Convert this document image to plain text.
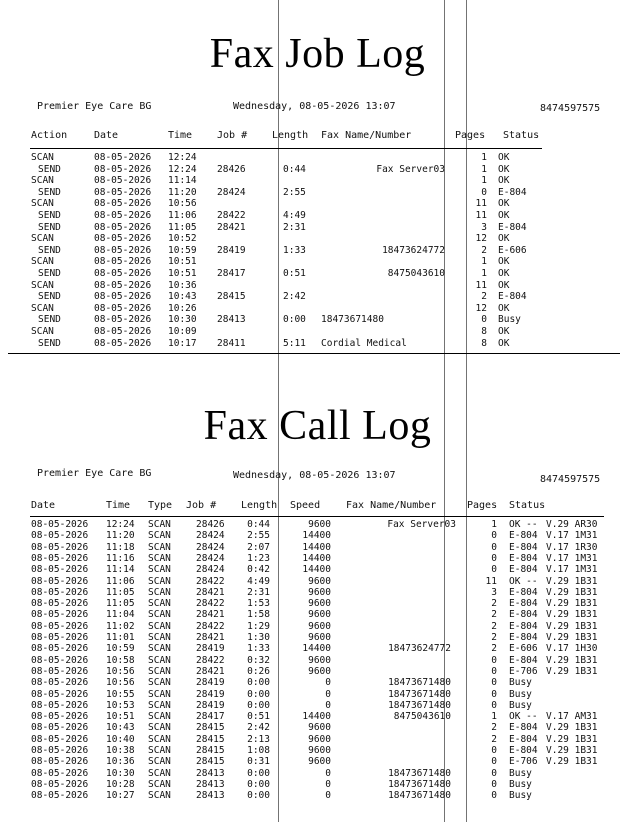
Fax Job Log
Premier Eye Care BG	Wednesday, 08-05-2026 13:07	8474597575
Action	Date	Time Job # Length Fax Name/Number	Pages Status
SCAN	08-05-2026 12:24	1 OK
SEND	08-05-2026 12:24 28426	0:44	Fax Server03	1 OK
SCAN	08-05-2026 11:14	1 OK
SEND	08-05-2026 11:20 28424	2:55	0 E-804
SCAN	08-05-2026 10:56	11 OK
SEND	08-05-2026 11:06 28422	4:49	11 OK
SEND	08-05-2026 11:05 28421	2:31	3 E-804
SCAN	08-05-2026 10:52	12 OK
SEND	08-05-2026 10:59 28419	1:33	18473624772	2 E-606
SCAN	08-05-2026 10:51	1 OK
SEND	08-05-2026 10:51 28417	0:51	8475043610	1 OK
SCAN	08-05-2026 10:36	11 OK
SEND	08-05-2026 10:43 28415	2:42	2 E-804
SCAN	08-05-2026 10:26	12 OK
SEND	08-05-2026 10:30 28413	0:00 18473671480	0 Busy
SCAN	08-05-2026 10:09	8 OK
SEND	08-05-2026 10:17 28411	5:11 Cordial Medical	8 OK
Fax Call Log
Premier Eye Care BG	Wednesday, 08-05-2026 13:07	8474597575
Date	Time Type Job # Length Speed	Fax Name/Number	Pages Status
08-05-2026 12:24 SCAN	28426	0:44	9600	Fax Server03	1 OK -- V.29 AR30
08-05-2026 11:20 SCAN	28424	2:55	14400	0 E-804 V.17 1M31
08-05-2026 11:18 SCAN	28424	2:07	14400	0 E-804 V.17 1R30
08-05-2026 11:16 SCAN	28424	1:23	14400	0 E-804 V.17 1M31
08-05-2026 11:14 SCAN	28424	0:42	14400	0 E-804 V.17 1M31
08-05-2026 11:06 SCAN	28422	4:49	9600	11 OK -- V.29 1B31
08-05-2026 11:05 SCAN	28421	2:31	9600	3 E-804 V.29 1B31
08-05-2026 11:05 SCAN	28422	1:53	9600	2 E-804 V.29 1B31
08-05-2026 11:04 SCAN	28421	1:58	9600	2 E-804 V.29 1B31
08-05-2026 11:02 SCAN	28422	1:29	9600	2 E-804 V.29 1B31
08-05-2026 11:01 SCAN	28421	1:30	9600	2 E-804 V.29 1B31
08-05-2026 10:59 SCAN	28419	1:33	14400	18473624772	2 E-606 V.17 1H30
08-05-2026 10:58 SCAN	28422	0:32	9600	0 E-804 V.29 1B31
08-05-2026 10:56 SCAN	28421	0:26	9600	0 E-706 V.29 1B31
08-05-2026 10:56 SCAN	28419	0:00	0	18473671480	0 Busy
08-05-2026 10:55 SCAN	28419	0:00	0	18473671480	0 Busy
08-05-2026 10:53 SCAN	28419	0:00	0	18473671480	0 Busy
08-05-2026 10:51 SCAN	28417	0:51	14400	8475043610	1 OK -- V.17 AM31
08-05-2026 10:43 SCAN	28415	2:42	9600	2 E-804 V.29 1B31
08-05-2026 10:40 SCAN	28415	2:13	9600	2 E-804 V.29 1B31
08-05-2026 10:38 SCAN	28415	1:08	9600	0 E-804 V.29 1B31
08-05-2026 10:36 SCAN	28415	0:31	9600	0 E-706 V.29 1B31
08-05-2026 10:30 SCAN	28413	0:00	0	18473671480	0 Busy
08-05-2026 10:28 SCAN	28413	0:00	0	18473671480	0 Busy
08-05-2026 10:27 SCAN	28413	0:00	0	18473671480	0 Busy
